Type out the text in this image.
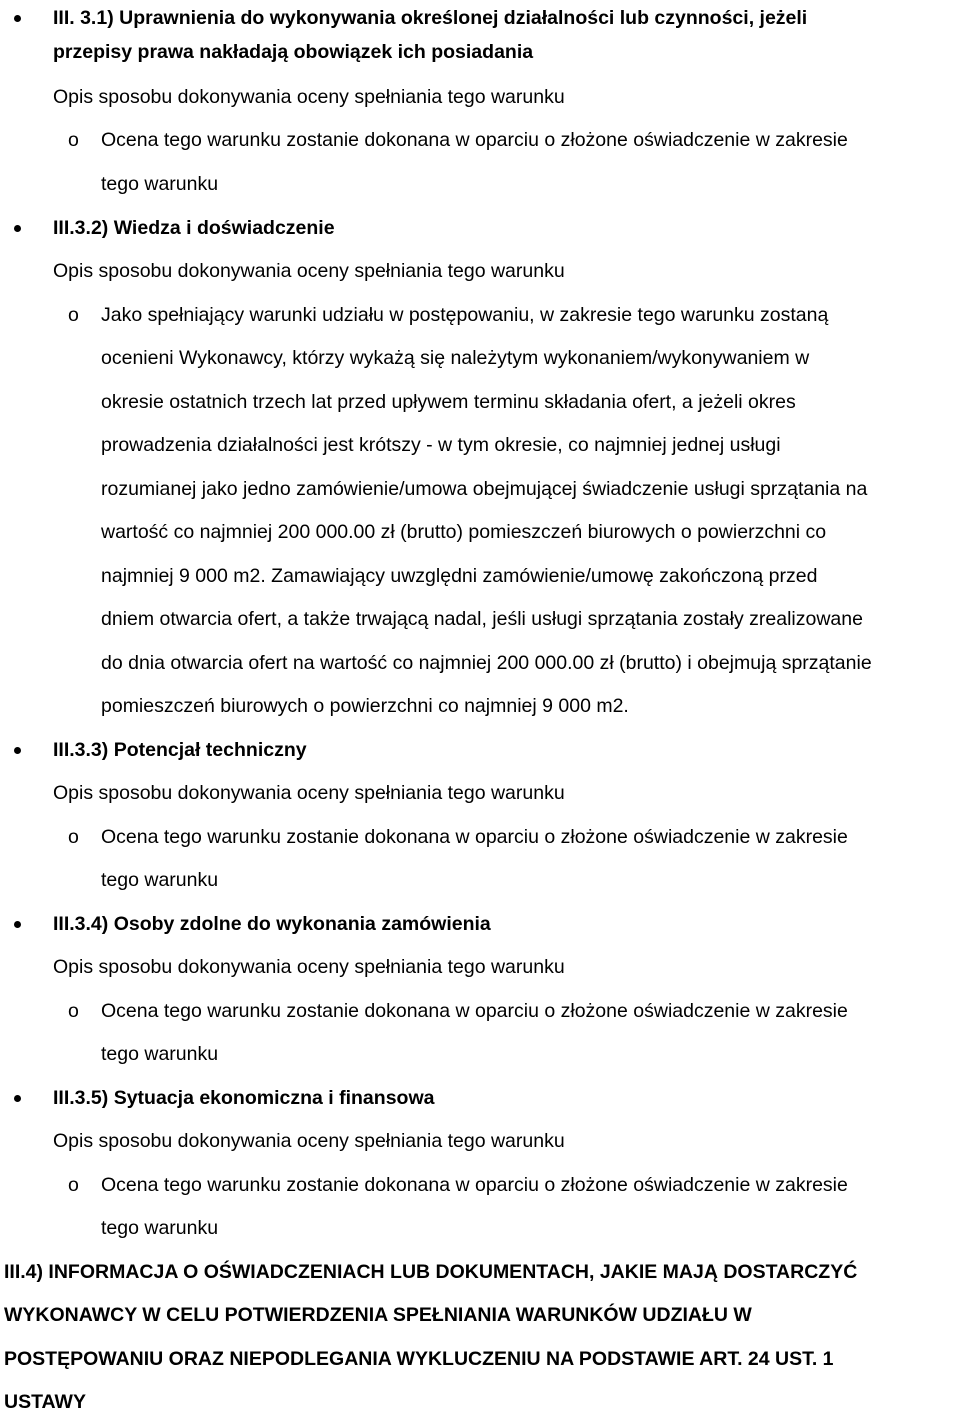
III. 3.1) Uprawnienia do wykonywania określonej działalności lub czynności, jeżeli
przepisy prawa nakładają obowiązek ich posiadania
Opis sposobu dokonywania oceny spełniania tego warunku
o Ocena tego warunku zostanie dokonana w oparciu o złożone oświadczenie w zakresie
tego warunku
III.3.2) Wiedza i doświadczenie
Opis sposobu dokonywania oceny spełniania tego warunku
o Jako spełniający warunki udziału w postępowaniu, w zakresie tego warunku zostaną
ocenieni Wykonawcy, którzy wykażą się należytym wykonaniem/wykonywaniem w
okresie ostatnich trzech lat przed upływem terminu składania ofert, a jeżeli okres
prowadzenia działalności jest krótszy - w tym okresie, co najmniej jednej usługi
rozumianej jako jedno zamówienie/umowa obejmującej świadczenie usługi sprzątania na
wartość co najmniej 200 000.00 zł (brutto) pomieszczeń biurowych o powierzchni co
najmniej 9 000 m2. Zamawiający uwzględni zamówienie/umowę zakończoną przed
dniem otwarcia ofert, a także trwającą nadal, jeśli usługi sprzątania zostały zrealizowane
do dnia otwarcia ofert na wartość co najmniej 200 000.00 zł (brutto) i obejmują sprzątanie
pomieszczeń biurowych o powierzchni co najmniej 9 000 m2.
III.3.3) Potencjał techniczny
Opis sposobu dokonywania oceny spełniania tego warunku
o Ocena tego warunku zostanie dokonana w oparciu o złożone oświadczenie w zakresie
tego warunku
III.3.4) Osoby zdolne do wykonania zamówienia
Opis sposobu dokonywania oceny spełniania tego warunku
o Ocena tego warunku zostanie dokonana w oparciu o złożone oświadczenie w zakresie
tego warunku
III.3.5) Sytuacja ekonomiczna i finansowa
Opis sposobu dokonywania oceny spełniania tego warunku
o Ocena tego warunku zostanie dokonana w oparciu o złożone oświadczenie w zakresie
tego warunku
III.4) INFORMACJA O OŚWIADCZENIACH LUB DOKUMENTACH, JAKIE MAJĄ DOSTARCZYĆ
WYKONAWCY W CELU POTWIERDZENIA SPEŁNIANIA WARUNKÓW UDZIAŁU W
POSTĘPOWANIU ORAZ NIEPODLEGANIA WYKLUCZENIU NA PODSTAWIE ART. 24 UST. 1
USTAWY
